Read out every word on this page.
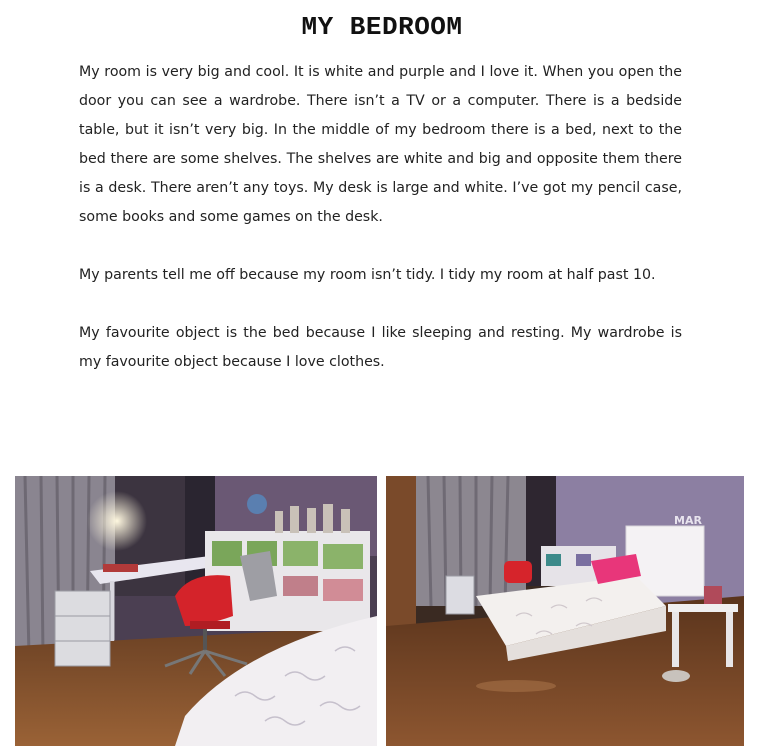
MY BEDROOM
My room is very big and cool. It is white and purple and I love it. When you open the door you can see a wardrobe. There isn’t a TV or a computer. There is a bedside table, but it isn’t very big. In the middle of my bedroom there is a bed, next to the bed there are some shelves. The shelves are white and big and opposite them there is a desk. There aren’t any toys. My desk is large and white. I’ve got my pencil case, some books and some games on the desk.
My parents tell me off because my room isn’t tidy. I tidy my room at half past 10.
My favourite object is the bed because I like sleeping and resting. My wardrobe is my favourite object because I love clothes.
MAR
